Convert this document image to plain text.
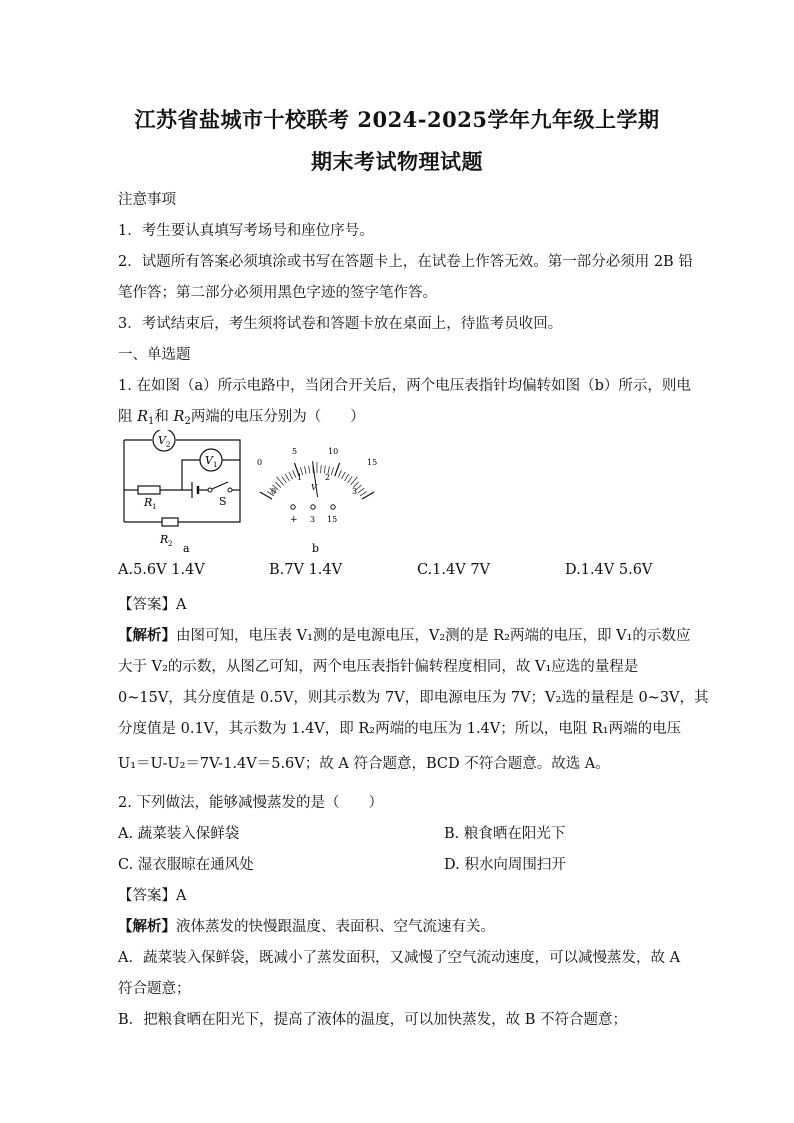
江苏省盐城市十校联考 2024-2025学年九年级上学期
期末考试物理试题
注意事项
1．考生要认真填写考场号和座位序号。
2．试题所有答案必须填涂或书写在答题卡上，在试卷上作答无效。第一部分必须用 2B 铅
笔作答；第二部分必须用黑色字迹的签字笔作答。
3．考试结束后，考生须将试卷和答题卡放在桌面上，待监考员收回。
一、单选题
1. 在如图（a）所示电路中，当闭合开关后，两个电压表指针均偏转如图（b）所示，则电
阻 $R_1$和 $R_2$两端的电压分别为（　　）
V 2
V 1
R 1	S
R 2 a
0
5	10
15
0
1	2
3
V
+ 3 15
b
A.5.6V 1.4V	B.7V 1.4V	C.1.4V 7V	D.1.4V 5.6V
【答案】A
【解析】由图可知，电压表 V₁测的是电源电压，V₂测的是 R₂两端的电压，即 V₁的示数应
大于 V₂的示数，从图乙可知，两个电压表指针偏转程度相同，故 V₁应选的量程是
0~15V，其分度值是 0.5V，则其示数为 7V，即电源电压为 7V；V₂选的量程是 0~3V，其
分度值是 0.1V，其示数为 1.4V，即 R₂两端的电压为 1.4V；所以，电阻 R₁两端的电压
U₁＝U-U₂＝7V-1.4V＝5.6V；故 A 符合题意，BCD 不符合题意。故选 A。
2. 下列做法，能够减慢蒸发的是（　　）
A. 蔬菜装入保鲜袋	B. 粮食晒在阳光下
C. 湿衣服晾在通风处	D. 积水向周围扫开
【答案】A
【解析】液体蒸发的快慢跟温度、表面积、空气流速有关。
A．蔬菜装入保鲜袋，既减小了蒸发面积，又减慢了空气流动速度，可以减慢蒸发，故 A
符合题意；
B．把粮食晒在阳光下，提高了液体的温度，可以加快蒸发，故 B 不符合题意；
